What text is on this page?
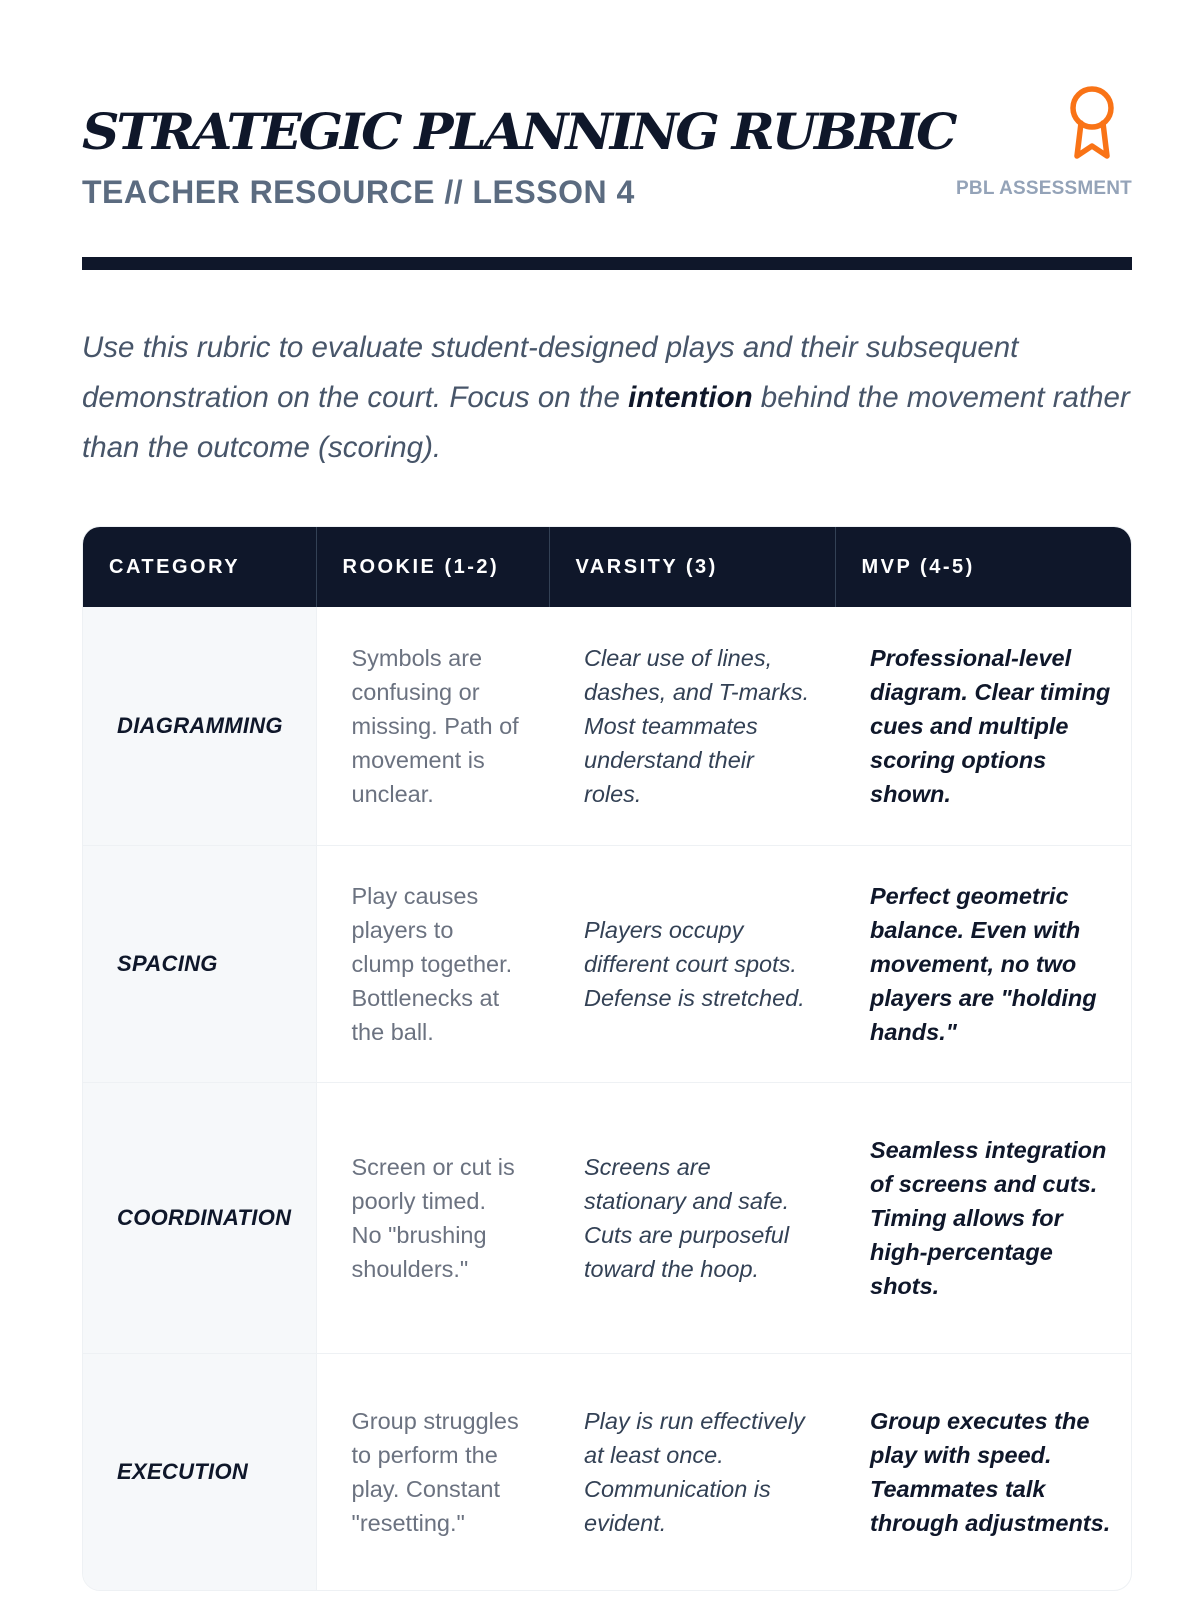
STRATEGIC PLANNING RUBRIC
TEACHER RESOURCE // LESSON 4	PBL ASSESSMENT

Use this rubric to evaluate student-designed plays and their subsequent demonstration on the court. Focus on the intention behind the movement rather than the outcome (scoring).

CATEGORY	ROOKIE (1-2)	VARSITY (3)	MVP (4-5)
DIAGRAMMING	Symbols are confusing or missing. Path of movement is unclear.	Clear use of lines, dashes, and T-marks. Most teammates understand their roles.	Professional-level diagram. Clear timing cues and multiple scoring options shown.
SPACING	Play causes players to clump together. Bottlenecks at the ball.	Players occupy different court spots. Defense is stretched.	Perfect geometric balance. Even with movement, no two players are "holding hands."
COORDINATION	Screen or cut is poorly timed. No "brushing shoulders."	Screens are stationary and safe. Cuts are purposeful toward the hoop.	Seamless integration of screens and cuts. Timing allows for high-percentage shots.
EXECUTION	Group struggles to perform the play. Constant "resetting."	Play is run effectively at least once. Communication is evident.	Group executes the play with speed. Teammates talk through adjustments.
